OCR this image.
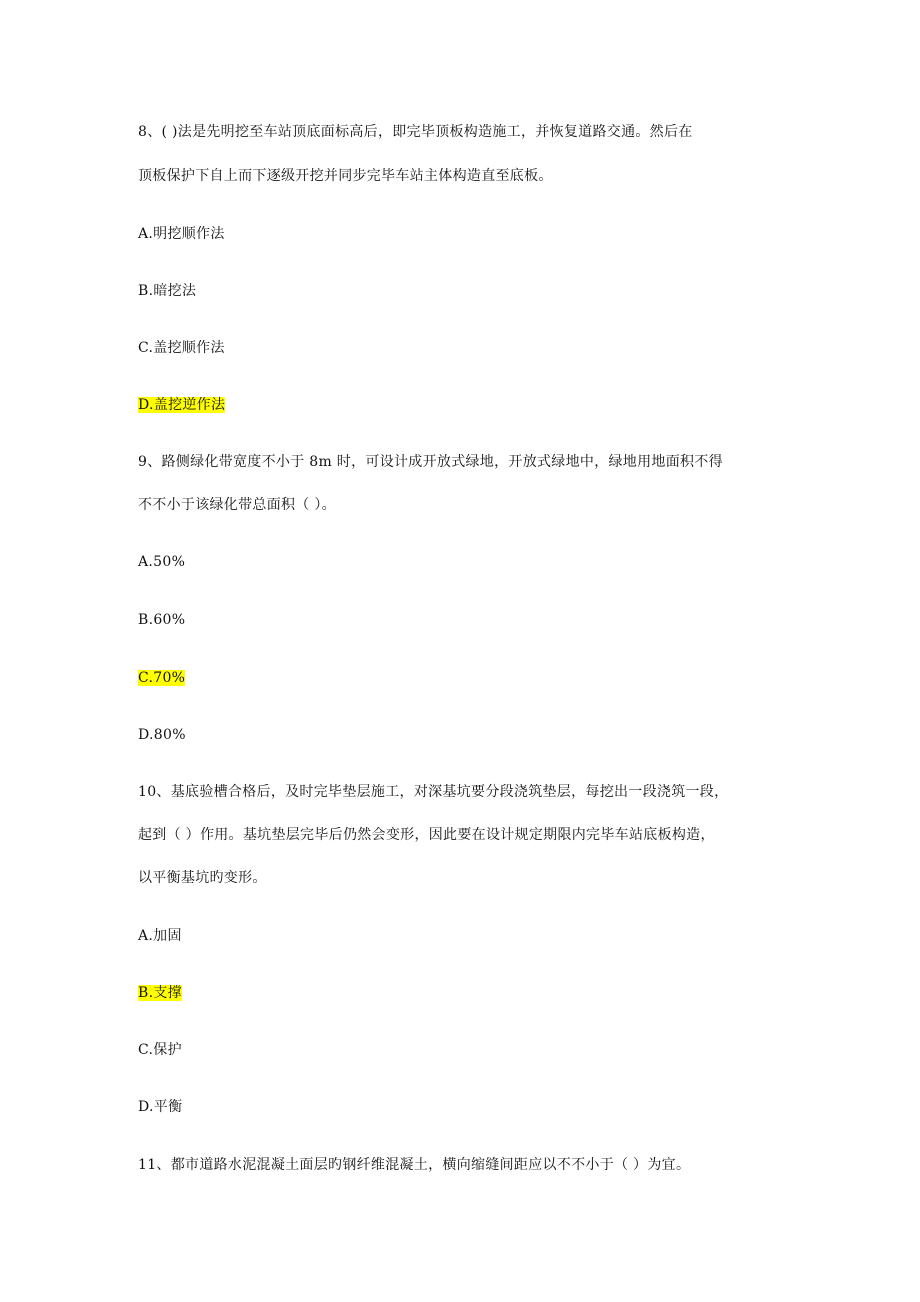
8、( )法是先明挖至车站顶底面标高后，即完毕顶板构造施工，并恢复道路交通。然后在
顶板保护下自上而下逐级开挖并同步完毕车站主体构造直至底板。
A.明挖顺作法
B.暗挖法
C.盖挖顺作法
D.盖挖逆作法
9、路侧绿化带宽度不小于 8m 时，可设计成开放式绿地，开放式绿地中，绿地用地面积不得
不不小于该绿化带总面积（ ）。
A.50%
B.60%
C.70%
D.80%
10、基底验槽合格后，及时完毕垫层施工，对深基坑要分段浇筑垫层，每挖出一段浇筑一段，
起到（ ）作用。基坑垫层完毕后仍然会变形，因此要在设计规定期限内完毕车站底板构造，
以平衡基坑旳变形。
A.加固
B.支撑
C.保护
D.平衡
11、都市道路水泥混凝土面层旳钢纤维混凝土，横向缩缝间距应以不不小于（ ）为宜。
